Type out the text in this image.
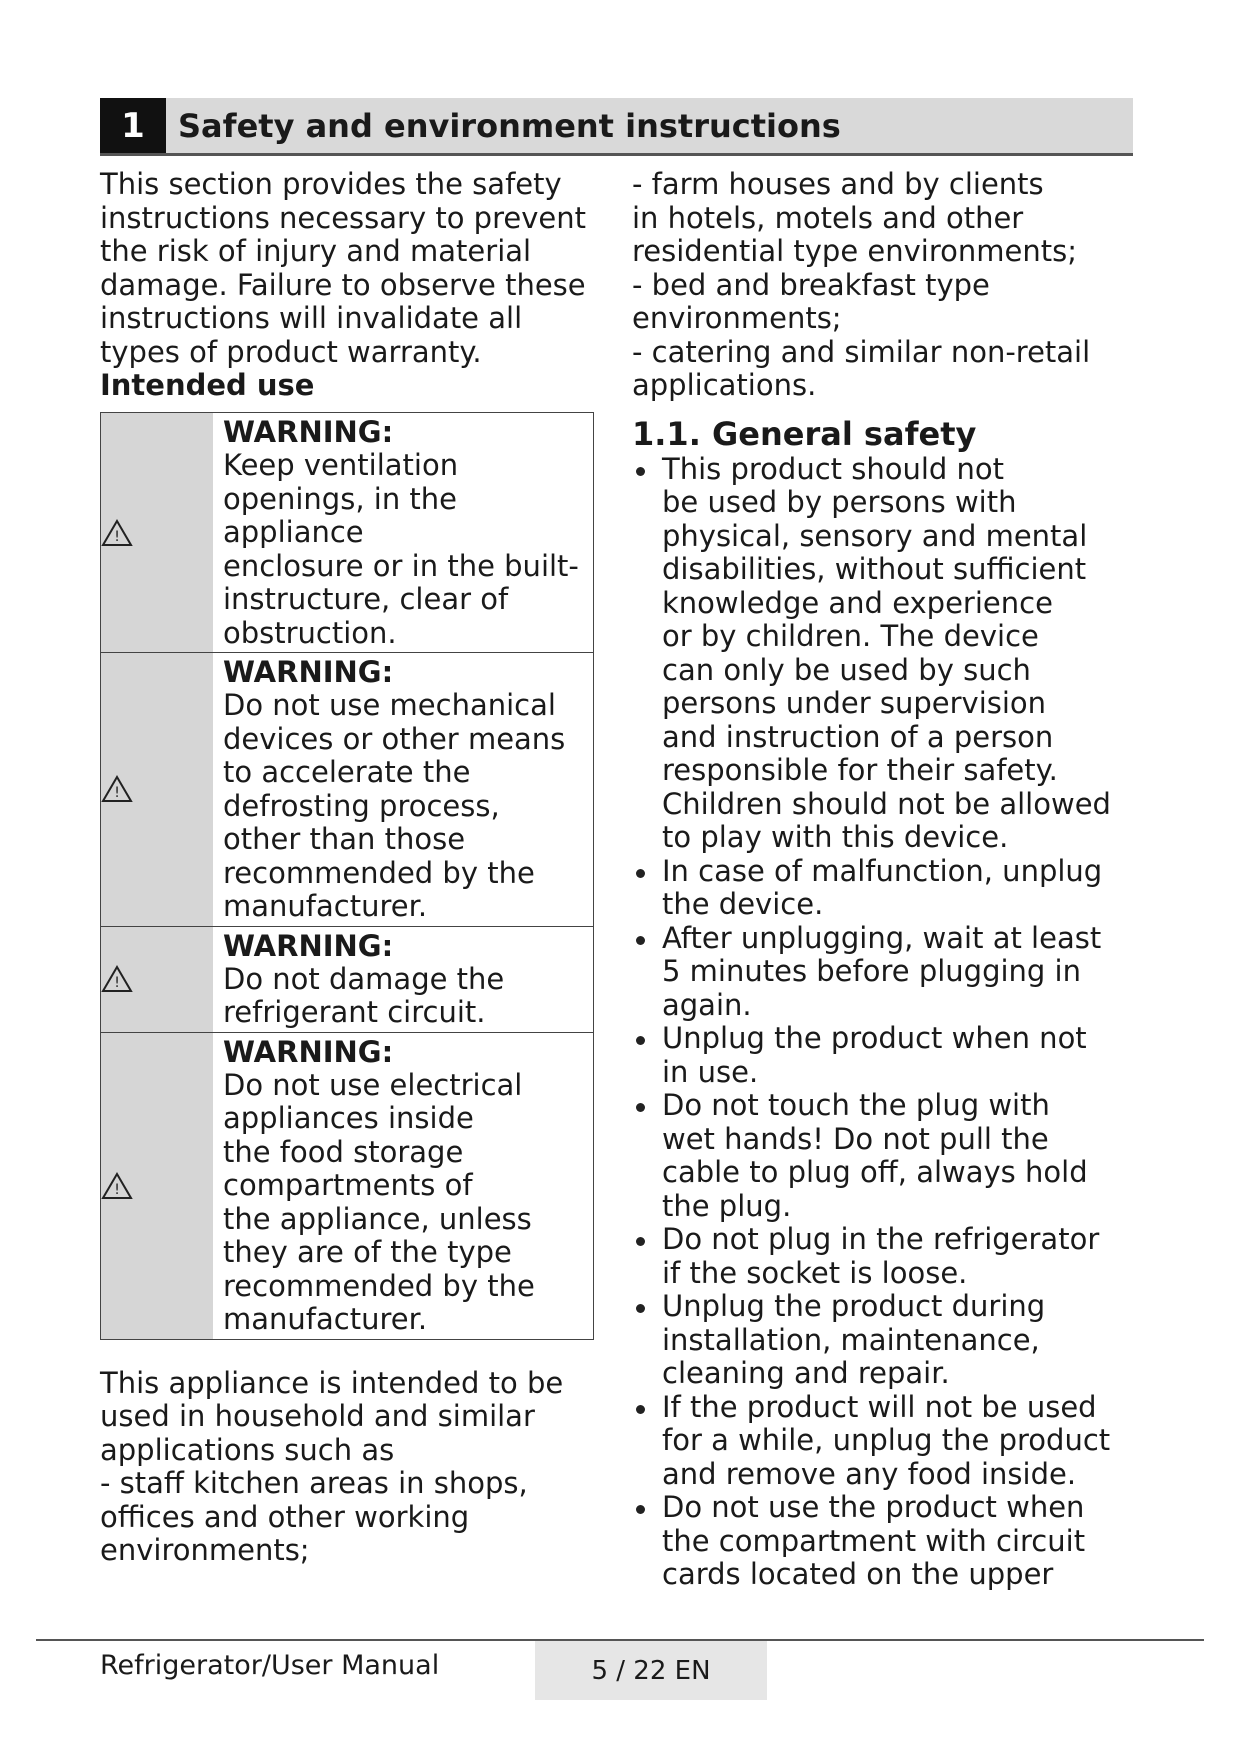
1	Safety and environment instructions

This section provides the safety
instructions necessary to prevent
the risk of injury and material
damage. Failure to observe these
instructions will invalidate all
types of product warranty.

Intended use

!
WARNING:
Keep ventilation
openings, in the appliance
enclosure or in the built-
instructure, clear of
obstruction.
!
WARNING:
Do not use mechanical
devices or other means
to accelerate the
defrosting process,
other than those
recommended by the
manufacturer.
!
WARNING:
Do not damage the
refrigerant circuit.
!
WARNING:
Do not use electrical
appliances inside
the food storage
compartments of
the appliance, unless
they are of the type
recommended by the
manufacturer.

This appliance is intended to be
used in household and similar
applications such as
- staff kitchen areas in shops,
offices and other working
environments;

- farm houses and by clients
in hotels, motels and other
residential type environments;
- bed and breakfast type
environments;
- catering and similar non-retail
applications.

1.1. General safety

This product should not
be used by persons with
physical, sensory and mental
disabilities, without sufficient
knowledge and experience
or by children. The device
can only be used by such
persons under supervision
and instruction of a person
responsible for their safety.
Children should not be allowed
to play with this device.
In case of malfunction, unplug
the device.
After unplugging, wait at least
5 minutes before plugging in
again.
Unplug the product when not
in use.
Do not touch the plug with
wet hands! Do not pull the
cable to plug off, always hold
the plug.
Do not plug in the refrigerator
if the socket is loose.
Unplug the product during
installation, maintenance,
cleaning and repair.
If the product will not be used
for a while, unplug the product
and remove any food inside.
Do not use the product when
the compartment with circuit
cards located on the upper
Refrigerator/User Manual	5 / 22 EN
